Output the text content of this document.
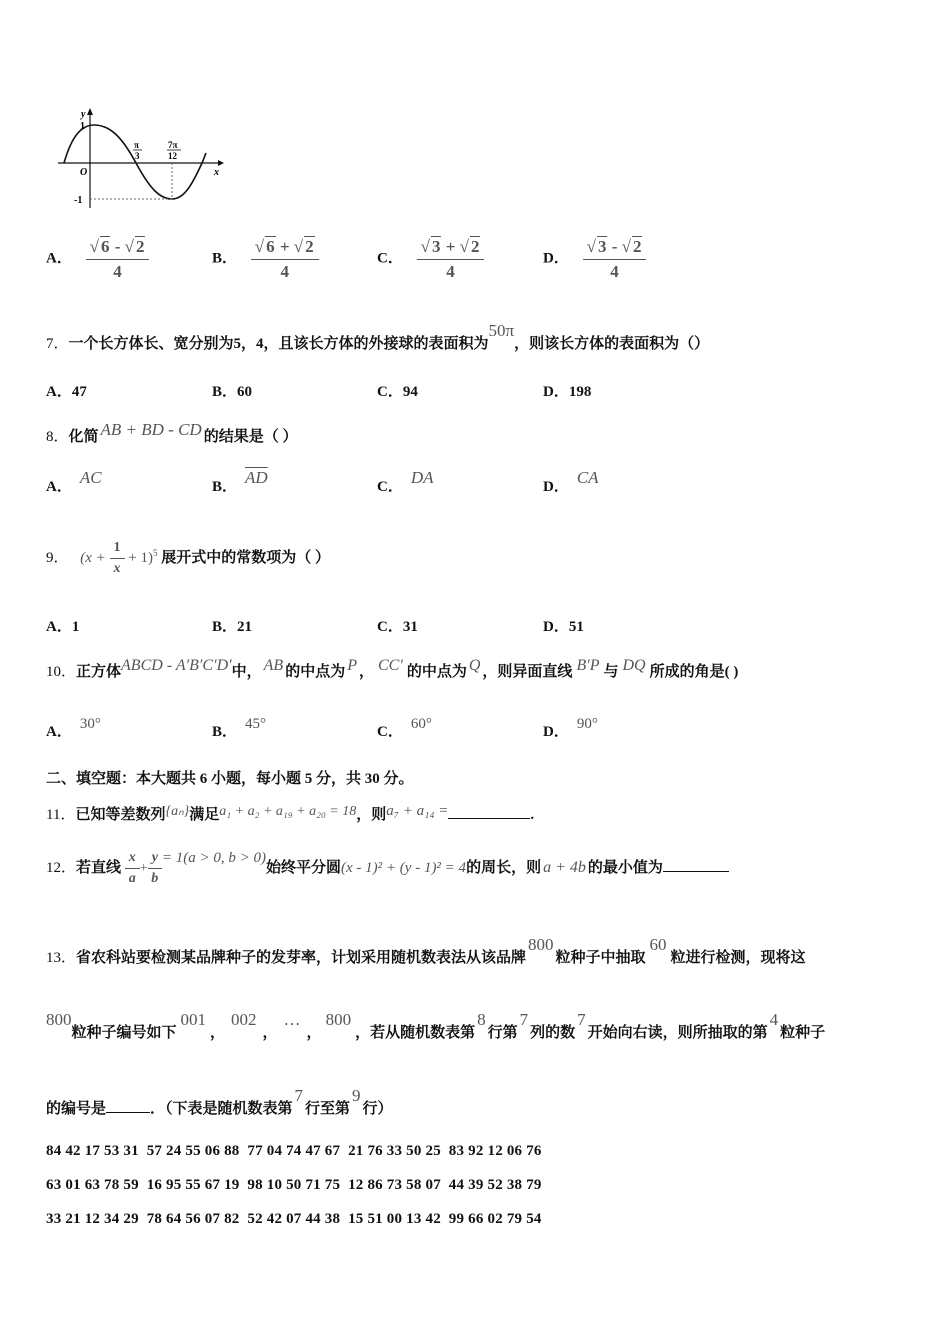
y
x
1
-1
O
π
3
7π
12
A． $\frac{√ 6 - √ 2}{4}$	B． $\frac{√ 6 + √ 2}{4}$	C． $\frac{√ 3 + √ 2}{4}$	D． $\frac{√ 3 - √ 2}{4}$
7．一个长方体长、宽分别为5，4，且该长方体的外接球的表面积为50π，则该长方体的表面积为（）
A．47	B．60	C．94	D．198
8．化简 AB + BD - CD 的结果是（ ）
A． AC	B． $\overline{AD}$	C． DA	D． CA
9． $(x + \frac{1}{x} + 1)^5$ 展开式中的常数项为（ ）
A．1	B．21	C．31	D．51
10．正方体ABCD - A′B′C′D′中， AB 的中点为 P ， CC′ 的中点为 Q ，则异面直线 B′P 与 DQ 所成的角是( )
A． 30°	B． 45°	C． 60°	D． 90°
二、填空题：本大题共 6 小题，每小题 5 分，共 30 分。
11．已知等差数列{aₙ}满足a₁ + a₂ + a₁₉ + a₂₀ = 18，则a₇ + a₁₄ =	.
12．若直线 $\frac{x}{a} + \frac{y}{b} = 1(a > 0$, b > 0)始终平分圆(x - 1)² + (y - 1)² = 4的周长，则 a + 4b 的最小值为
13．省农科站要检测某品牌种子的发芽率，计划采用随机数表法从该品牌800粒种子中抽取60粒进行检测，现将这
800粒种子编号如下001，002，…，800，若从随机数表第8行第7列的数7开始向右读，则所抽取的第4粒种子
的编号是	．（下表是随机数表第7行至第9行）
84 42 17 53 31  57 24 55 06 88  77 04 74 47 67  21 76 33 50 25  83 92 12 06 76
63 01 63 78 59  16 95 55 67 19  98 10 50 71 75  12 86 73 58 07  44 39 52 38 79
33 21 12 34 29  78 64 56 07 82  52 42 07 44 38  15 51 00 13 42  99 66 02 79 54
